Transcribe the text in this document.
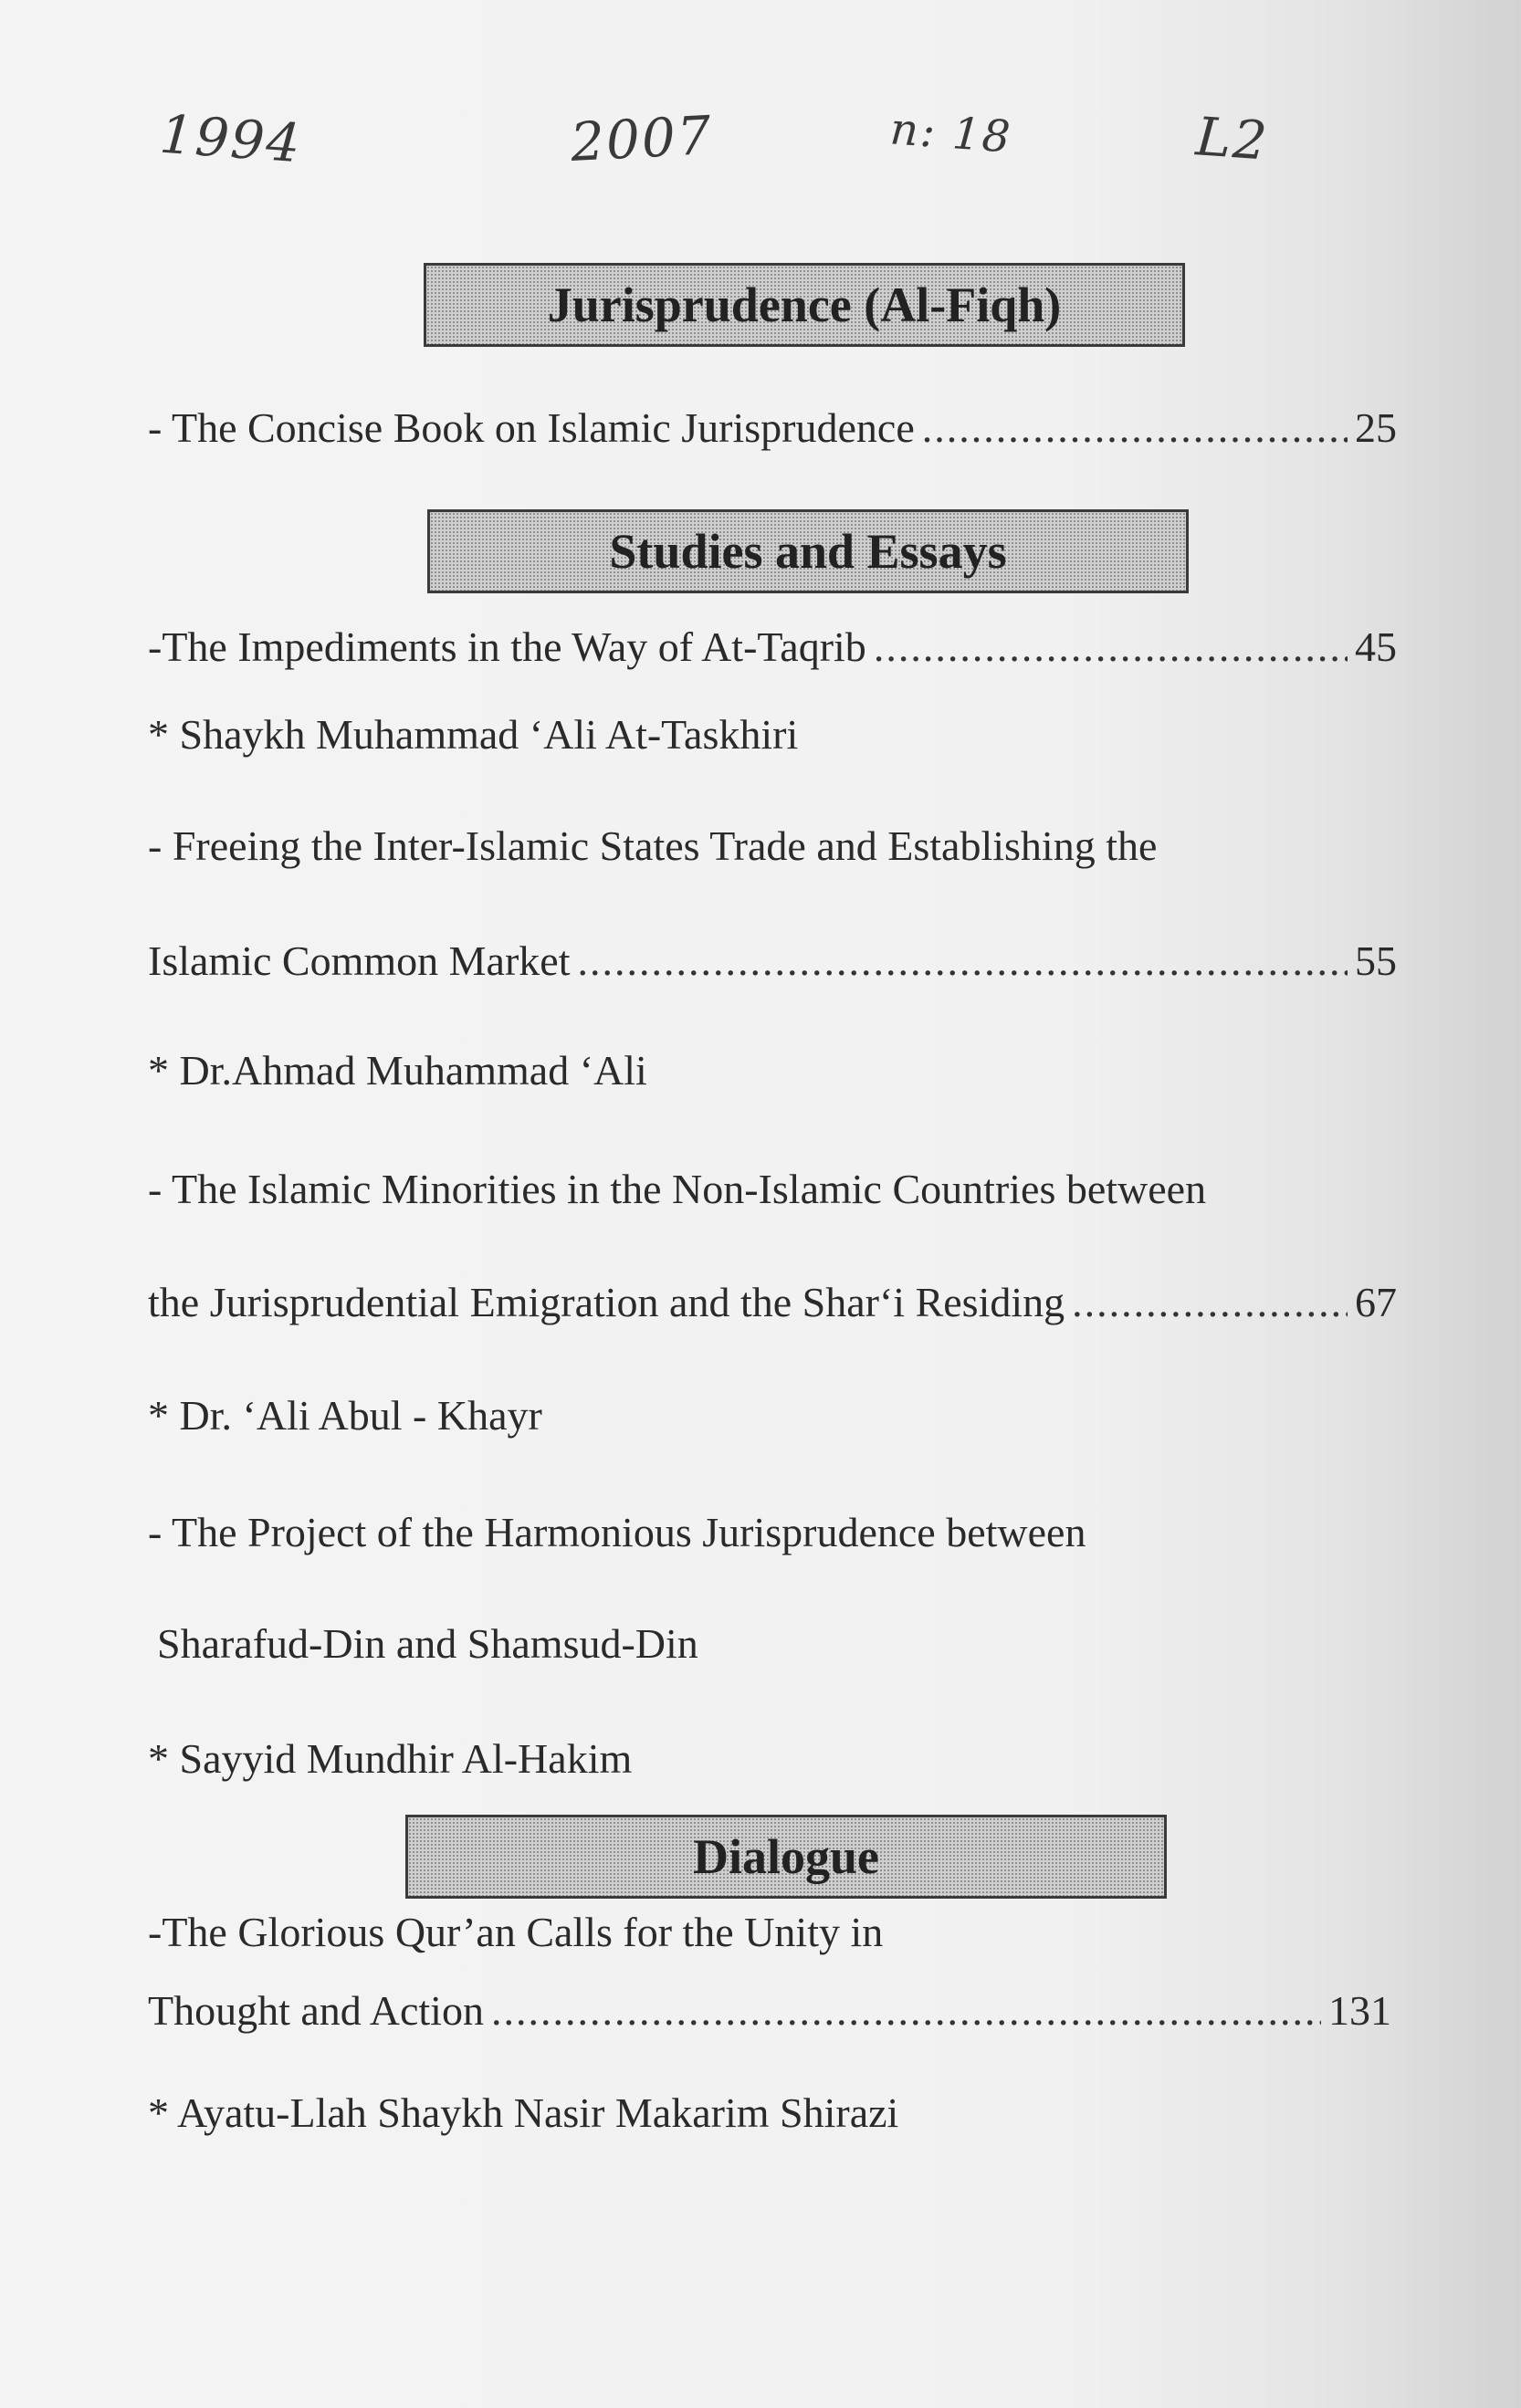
1994	2007	n: 18	L2
Jurisprudence (Al-Fiqh)
- The Concise Book on Islamic Jurisprudence .....	25
Studies and Essays
-The Impediments in the Way of At-Taqrib .....	45
* Shaykh Muhammad ‘Ali At-Taskhiri
- Freeing the Inter-Islamic States Trade and Establishing the
Islamic Common Market .....	55
* Dr.Ahmad Muhammad ‘Ali
- The Islamic Minorities in the Non-Islamic Countries between
the Jurisprudential Emigration and the Shar‘i Residing .....	67
* Dr. ‘Ali Abul - Khayr
- The Project of the Harmonious Jurisprudence between
Sharafud-Din and Shamsud-Din
* Sayyid Mundhir Al-Hakim
Dialogue
-The Glorious Qur’an Calls for the Unity in
Thought and Action .....	131
* Ayatu-Llah Shaykh Nasir Makarim Shirazi
